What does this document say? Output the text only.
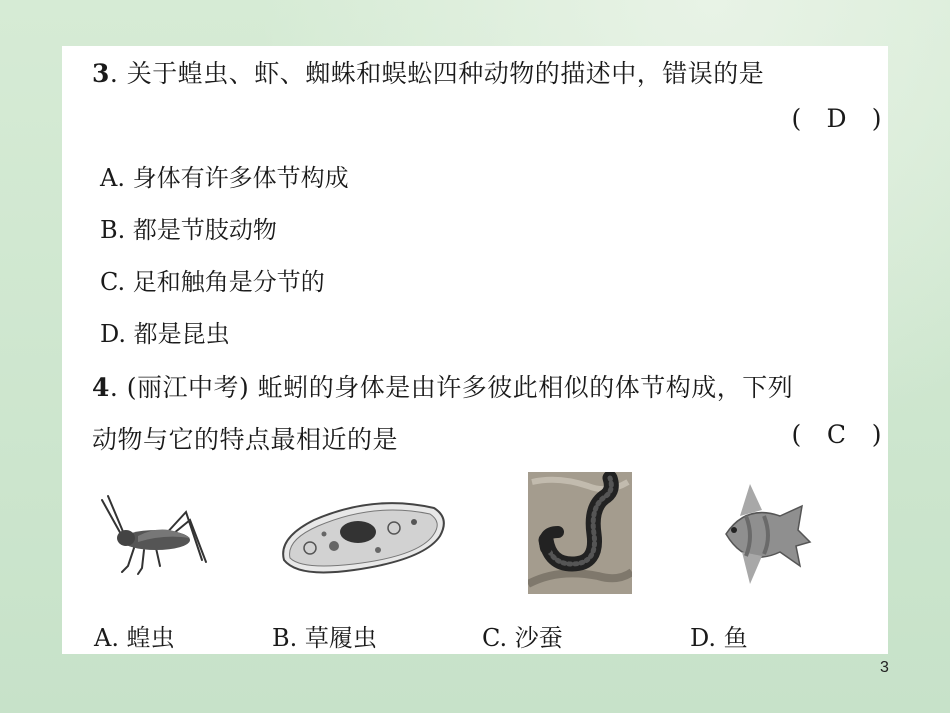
3. 关于蝗虫、虾、蜘蛛和蜈蚣四种动物的描述中，错误的是
( D )
A. 身体有许多体节构成
B. 都是节肢动物
C. 足和触角是分节的
D. 都是昆虫
4. (丽江中考) 蚯蚓的身体是由许多彼此相似的体节构成，下列
动物与它的特点最相近的是	( C )
A. 蝗虫	B. 草履虫	C. 沙蚕	D. 鱼
3
